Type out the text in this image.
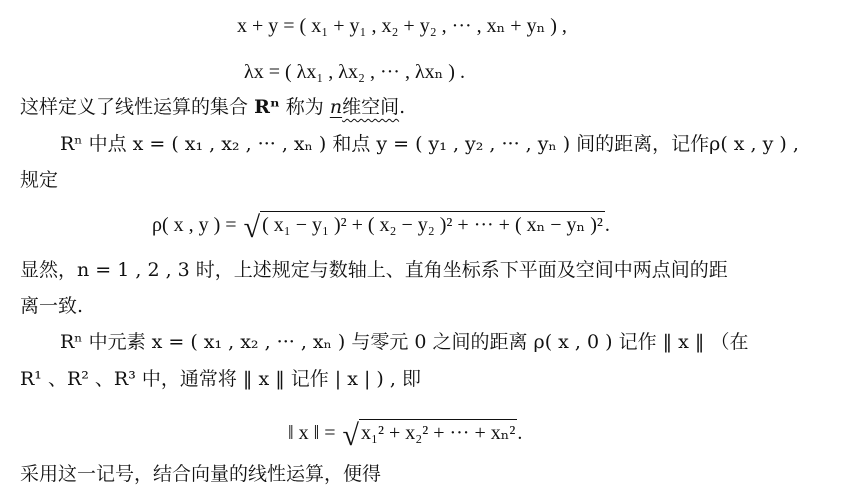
x + y = ( x₁ + y₁ , x₂ + y₂ , ··· , xₙ + yₙ ) ,
λx = ( λx₁ , λx₂ , ··· , λxₙ ) .
这样定义了线性运算的集合 Rⁿ 称为 n维空间.
Rⁿ 中点 x = ( x₁ , x₂ , ··· , xₙ ) 和点 y = ( y₁ , y₂ , ··· , yₙ ) 间的距离，记作ρ( x , y ) ,
规定
ρ( x , y ) = √ ( x₁ − y₁ )² + ( x₂ − y₂ )² + ··· + ( xₙ − yₙ )² .
显然，n = 1 , 2 , 3 时，上述规定与数轴上、直角坐标系下平面及空间中两点间的距
离一致.
Rⁿ 中元素 x = ( x₁ , x₂ , ··· , xₙ ) 与零元 0 之间的距离 ρ( x , 0 ) 记作 ‖ x ‖ （在
R¹ 、R² 、R³ 中，通常将 ‖ x ‖ 记作 | x | ) , 即
‖ x ‖ = √ x₁² + x₂² + ··· + xₙ² .
采用这一记号，结合向量的线性运算，便得
